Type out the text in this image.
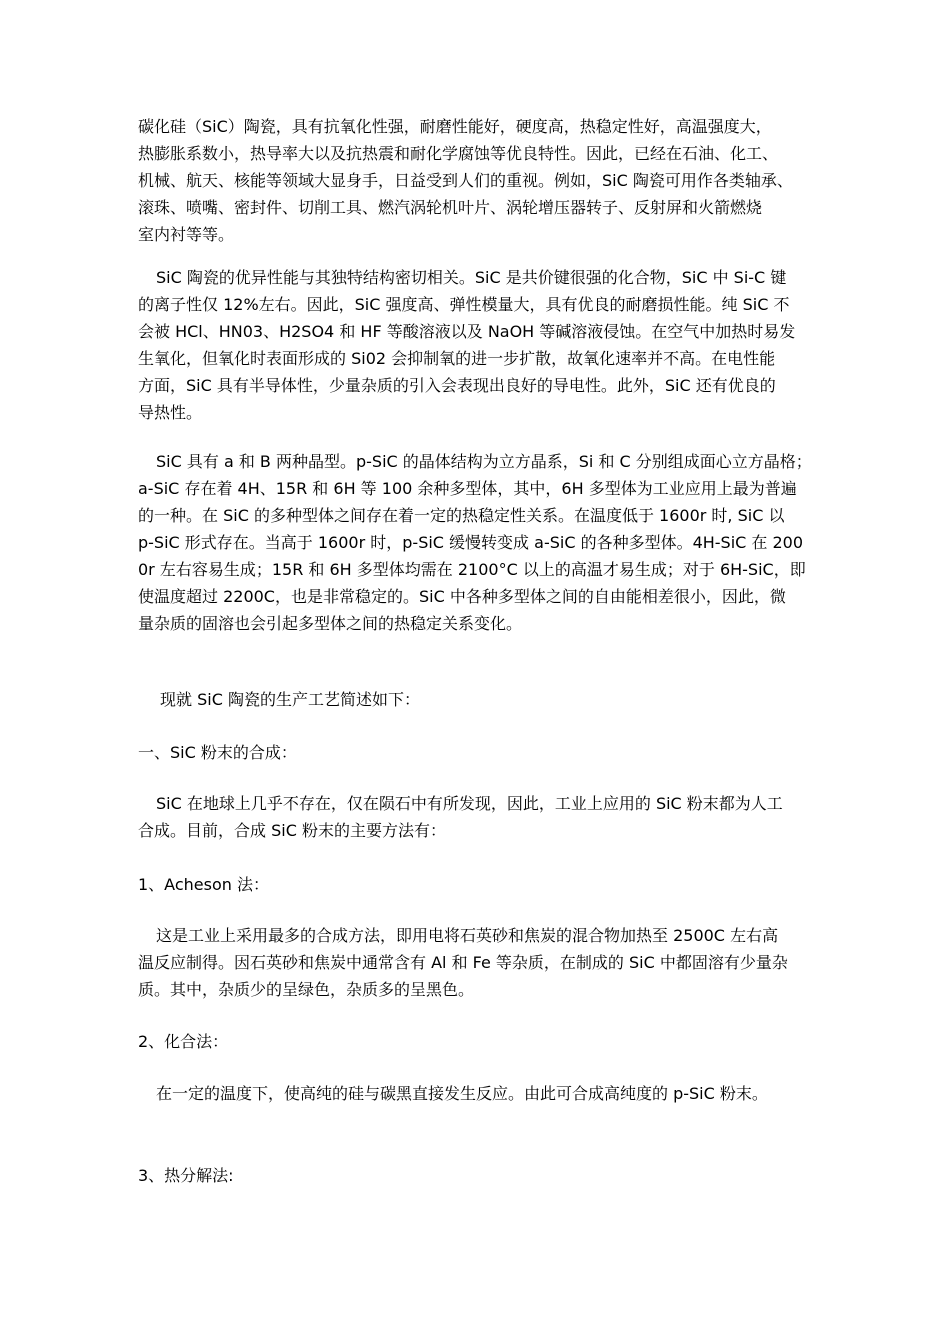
碳化硅（SiC）陶瓷，具有抗氧化性强，耐磨性能好，硬度高，热稳定性好，高温强度大，
热膨胀系数小，热导率大以及抗热震和耐化学腐蚀等优良特性。因此，已经在石油、化工、
机械、航天、核能等领域大显身手，日益受到人们的重视。例如，SiC 陶瓷可用作各类轴承、
滚珠、喷嘴、密封件、切削工具、燃汽涡轮机叶片、涡轮增压器转子、反射屏和火箭燃烧
室内衬等等。
SiC 陶瓷的优异性能与其独特结构密切相关。SiC 是共价键很强的化合物，SiC 中 Si-C 键
的离子性仅 12%左右。因此，SiC 强度高、弹性模量大，具有优良的耐磨损性能。纯 SiC 不
会被 HCl、HN03、H2SO4 和 HF 等酸溶液以及 NaOH 等碱溶液侵蚀。在空气中加热时易发
生氧化，但氧化时表面形成的 Si02 会抑制氧的进一步扩散，故氧化速率并不高。在电性能
方面，SiC 具有半导体性，少量杂质的引入会表现出良好的导电性。此外，SiC 还有优良的
导热性。
SiC 具有 a 和 B 两种晶型。p-SiC 的晶体结构为立方晶系，Si 和 C 分别组成面心立方晶格；
a-SiC 存在着 4H、15R 和 6H 等 100 余种多型体，其中，6H 多型体为工业应用上最为普遍
的一种。在 SiC 的多种型体之间存在着一定的热稳定性关系。在温度低于 1600r 时, SiC 以
p-SiC 形式存在。当高于 1600r 时，p-SiC 缓慢转变成 a-SiC 的各种多型体。4H-SiC 在 200
0r 左右容易生成；15R 和 6H 多型体均需在 2100°C 以上的高温才易生成；对于 6H-SiC，即
使温度超过 2200C，也是非常稳定的。SiC 中各种多型体之间的自由能相差很小，因此，微
量杂质的固溶也会引起多型体之间的热稳定关系变化。
现就 SiC 陶瓷的生产工艺简述如下：
一、SiC 粉末的合成：
SiC 在地球上几乎不存在，仅在陨石中有所发现，因此，工业上应用的 SiC 粉末都为人工
合成。目前，合成 SiC 粉末的主要方法有：
1、Acheson 法：
这是工业上采用最多的合成方法，即用电将石英砂和焦炭的混合物加热至 2500C 左右高
温反应制得。因石英砂和焦炭中通常含有 Al 和 Fe 等杂质，在制成的 SiC 中都固溶有少量杂
质。其中，杂质少的呈绿色，杂质多的呈黑色。
2、化合法：
在一定的温度下，使高纯的硅与碳黑直接发生反应。由此可合成高纯度的 p-SiC 粉末。
3、热分解法:
